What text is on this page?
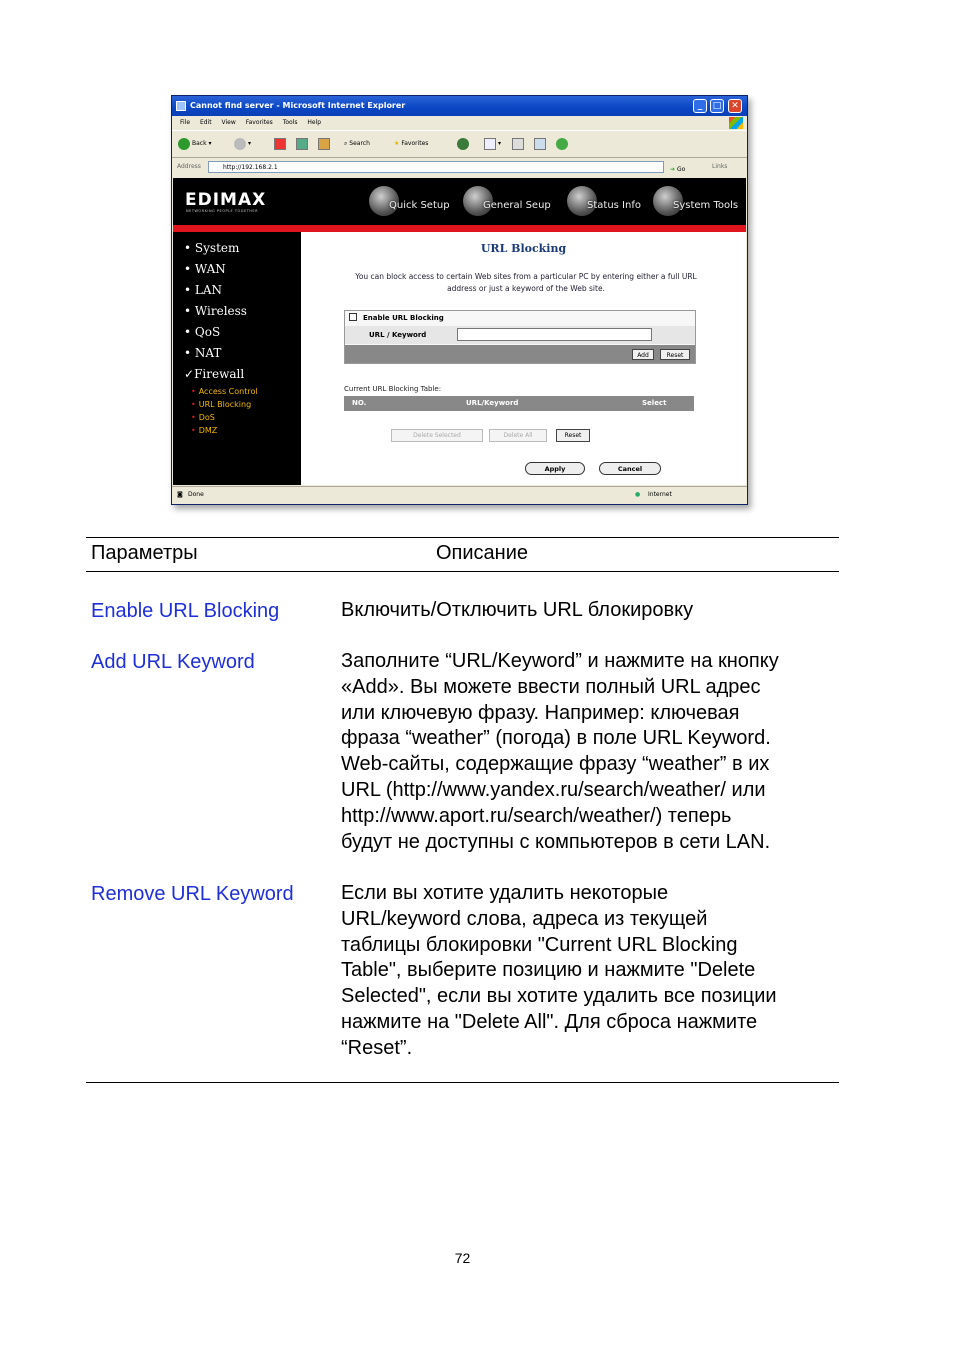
Cannot find server - Microsoft Internet Explorer	_	□	✕
File Edit View Favorites Tools Help
Back ▾	▾	⌕ Search	★ Favorites	▾
Address	http://192.168.2.1	➔ Go	Links
EDIMAX
NETWORKING PEOPLE TOGETHER	Quick Setup	General Seup	Status Info	System Tools
• System
• WAN
• LAN
• Wireless
• QoS
• NAT
✓Firewall
• Access Control
• URL Blocking
• DoS
• DMZ
URL Blocking
You can block access to certain Web sites from a particular PC by entering either a full URL address or just a keyword of the Web site.
Enable URL Blocking
URL / Keyword
Add	Reset
Current URL Blocking Table:
NO.	URL/Keyword	Select
Delete Selected	Delete All	Reset
Apply	Cancel
◙ Done	● Internet
Параметры	Описание
Enable URL Blocking	Включить/Отключить URL блокировку
Add URL Keyword	Заполните “URL/Keyword” и нажмите на кнопку
«Add». Вы можете ввести полный URL адрес
или ключевую фразу. Например: ключевая
фраза “weather” (погода) в поле URL Keyword.
Web-сайты, содержащие фразу “weather” в их
URL (http://www.yandex.ru/search/weather/ или
http://www.aport.ru/search/weather/) теперь
будут не доступны с компьютеров в сети LAN.
Remove URL Keyword Если вы хотите удалить некоторые
URL/keyword слова, адреса из текущей
таблицы блокировки "Current URL Blocking
Table", выберите позицию и нажмите "Delete
Selected", если вы хотите удалить все позиции
нажмите на "Delete All". Для сброса нажмите
“Reset”.
72
